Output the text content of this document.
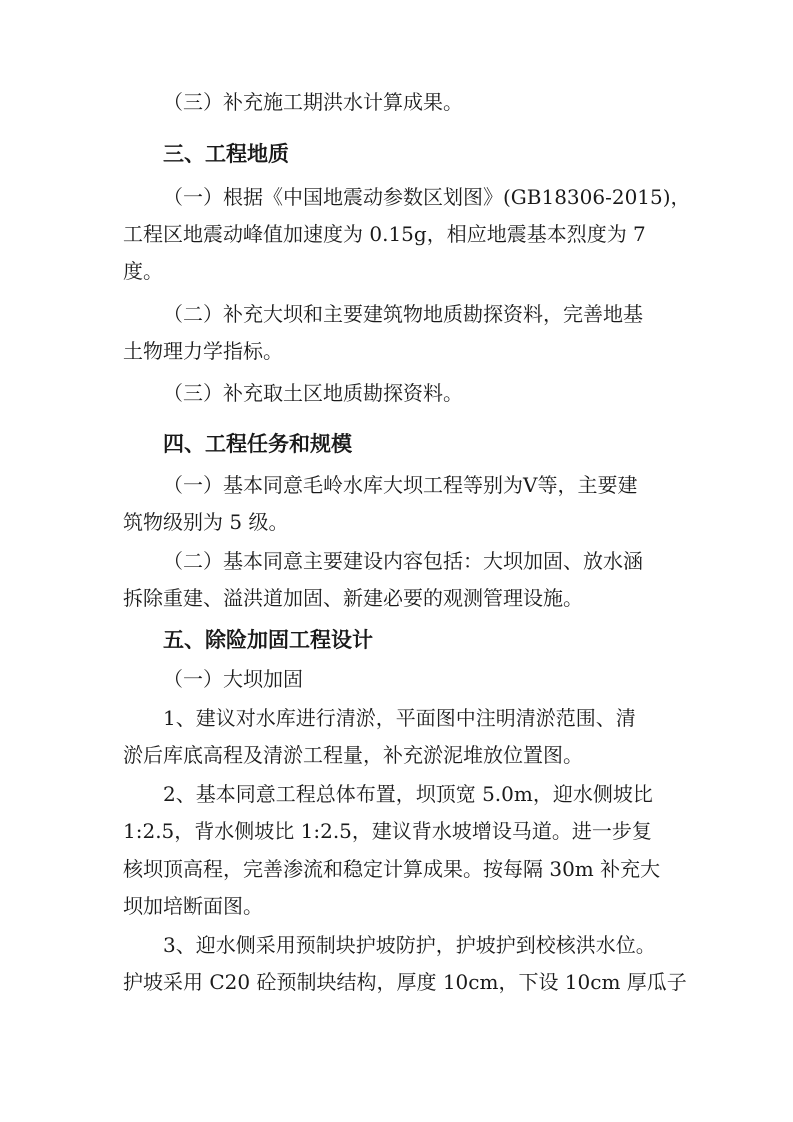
（三）补充施工期洪水计算成果。

三、工程地质

（一）根据《中国地震动参数区划图》(GB18306-2015)，

工程区地震动峰值加速度为 0.15g，相应地震基本烈度为 7

度。

（二）补充大坝和主要建筑物地质勘探资料，完善地基

土物理力学指标。

（三）补充取土区地质勘探资料。

四、工程任务和规模

（一）基本同意毛岭水库大坝工程等别为Ⅴ等，主要建

筑物级别为 5 级。

（二）基本同意主要建设内容包括：大坝加固、放水涵

拆除重建、溢洪道加固、新建必要的观测管理设施。

五、除险加固工程设计

（一）大坝加固

1、建议对水库进行清淤，平面图中注明清淤范围、清

淤后库底高程及清淤工程量，补充淤泥堆放位置图。

2、基本同意工程总体布置，坝顶宽 5.0m，迎水侧坡比

1:2.5，背水侧坡比 1:2.5，建议背水坡增设马道。进一步复

核坝顶高程，完善渗流和稳定计算成果。按每隔 30m 补充大

坝加培断面图。

3、迎水侧采用预制块护坡防护，护坡护到校核洪水位。

护坡采用 C20 砼预制块结构，厚度 10cm，下设 10cm 厚瓜子
